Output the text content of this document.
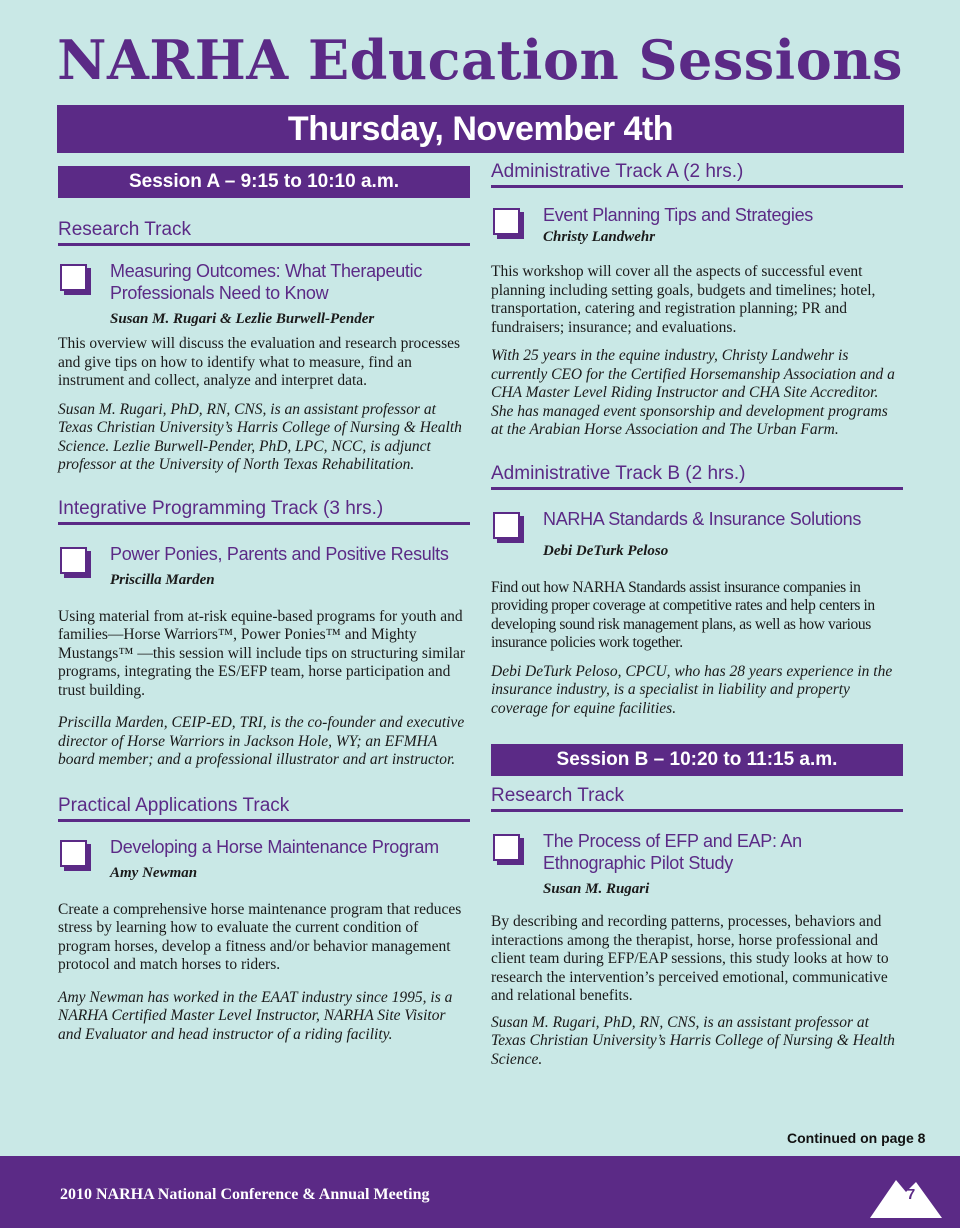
NARHA Education Sessions
Thursday, November 4th
Session A – 9:15 to 10:10 a.m.
Research Track
Measuring Outcomes: What Therapeutic Professionals Need to Know
Susan M. Rugari & Lezlie Burwell-Pender

This overview will discuss the evaluation and research processes and give tips on how to identify what to measure, find an instrument and collect, analyze and interpret data.

Susan M. Rugari, PhD, RN, CNS, is an assistant professor at Texas Christian University’s Harris College of Nursing & Health Science. Lezlie Burwell-Pender, PhD, LPC, NCC, is adjunct professor at the University of North Texas Rehabilitation.

Integrative Programming Track (3 hrs.)
Power Ponies, Parents and Positive Results
Priscilla Marden

Using material from at-risk equine-based programs for youth and families—Horse Warriors™, Power Ponies™ and Mighty Mustangs™ —this session will include tips on structuring similar programs, integrating the ES/EFP team, horse participation and trust building.

Priscilla Marden, CEIP-ED, TRI, is the co-founder and executive director of Horse Warriors in Jackson Hole, WY; an EFMHA board member; and a professional illustrator and art instructor.

Practical Applications Track
Developing a Horse Maintenance Program
Amy Newman

Create a comprehensive horse maintenance program that reduces stress by learning how to evaluate the current condition of program horses, develop a fitness and/or behavior management protocol and match horses to riders.

Amy Newman has worked in the EAAT industry since 1995, is a NARHA Certified Master Level Instructor, NARHA Site Visitor and Evaluator and head instructor of a riding facility.

Administrative Track A (2 hrs.)
Event Planning Tips and Strategies
Christy Landwehr

This workshop will cover all the aspects of successful event planning including setting goals, budgets and timelines; hotel, transportation, catering and registration planning; PR and fundraisers; insurance; and evaluations.

With 25 years in the equine industry, Christy Landwehr is currently CEO for the Certified Horsemanship Association and a CHA Master Level Riding Instructor and CHA Site Accreditor. She has managed event sponsorship and development programs at the Arabian Horse Association and The Urban Farm.

Administrative Track B (2 hrs.)
NARHA Standards & Insurance Solutions
Debi DeTurk Peloso

Find out how NARHA Standards assist insurance companies in providing proper coverage at competitive rates and help centers in developing sound risk management plans, as well as how various insurance policies work together.

Debi DeTurk Peloso, CPCU, who has 28 years experience in the insurance industry, is a specialist in liability and property coverage for equine facilities.

Session B – 10:20 to 11:15 a.m.
Research Track
The Process of EFP and EAP: An Ethnographic Pilot Study
Susan M. Rugari

By describing and recording patterns, processes, behaviors and interactions among the therapist, horse, horse professional and client team during EFP/EAP sessions, this study looks at how to research the intervention’s perceived emotional, communicative and relational benefits.

Susan M. Rugari, PhD, RN, CNS, is an assistant professor at Texas Christian University’s Harris College of Nursing & Health Science.

Continued on page 8
2010 NARHA National Conference & Annual Meeting	7
